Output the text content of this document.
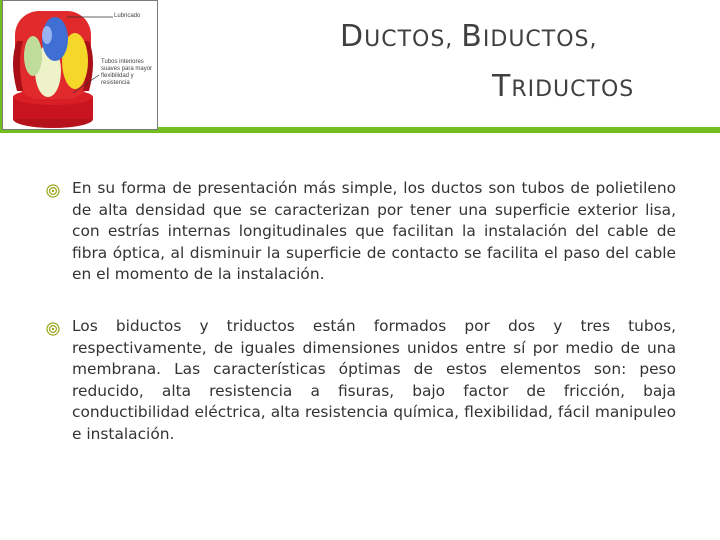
Lubricado
Tubos interiores
suaves para mayor
flexibilidad y
resistencia
DUCTOS, BIDUCTOS,
TRIDUCTOS

En su forma de presentación más simple, los ductos son tubos de polietileno de alta densidad que se caracterizan por tener una superficie exterior lisa, con estrías internas longitudinales que facilitan la instalación del cable de fibra óptica, al disminuir la superficie de contacto se facilita el paso del cable en el momento de la instalación.

Los biductos y triductos están formados por dos y tres tubos, respectivamente, de iguales dimensiones unidos entre sí por medio de una membrana. Las características óptimas de estos elementos son: peso reducido, alta resistencia a fisuras, bajo factor de fricción, baja conductibilidad eléctrica, alta resistencia química, flexibilidad, fácil manipuleo e instalación.
